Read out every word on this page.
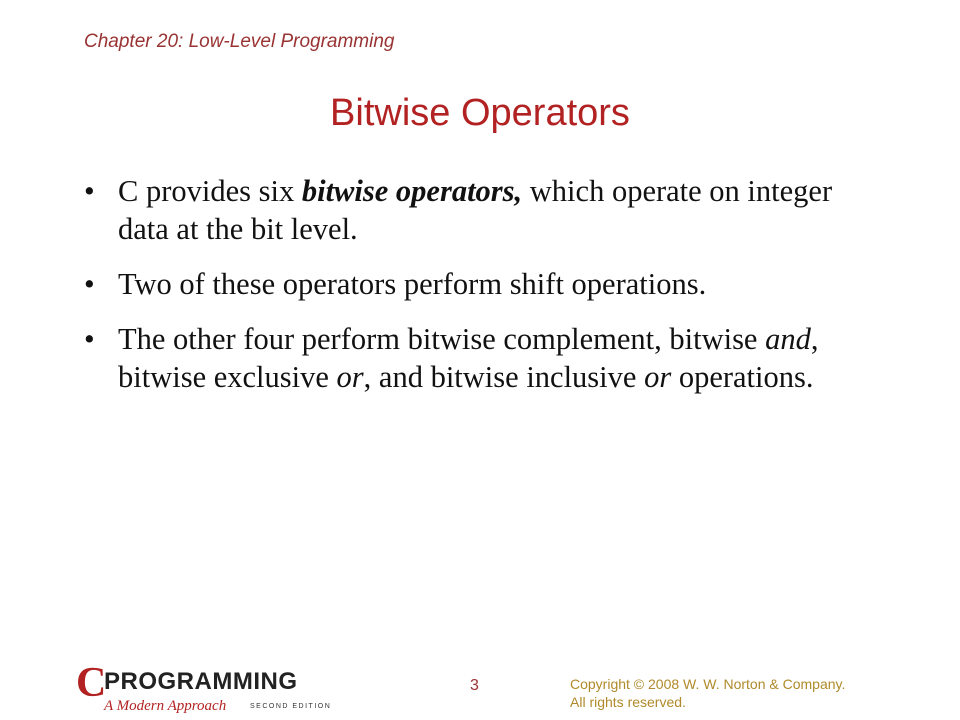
Chapter 20: Low-Level Programming
Bitwise Operators
• C provides six bitwise operators, which operate on integer data at the bit level.
• Two of these operators perform shift operations.
• The other four perform bitwise complement, bitwise and, bitwise exclusive or, and bitwise inclusive or operations.
C
PROGRAMMING
A Modern Approach	SECOND EDITION
3	Copyright © 2008 W. W. Norton & Company.
All rights reserved.
